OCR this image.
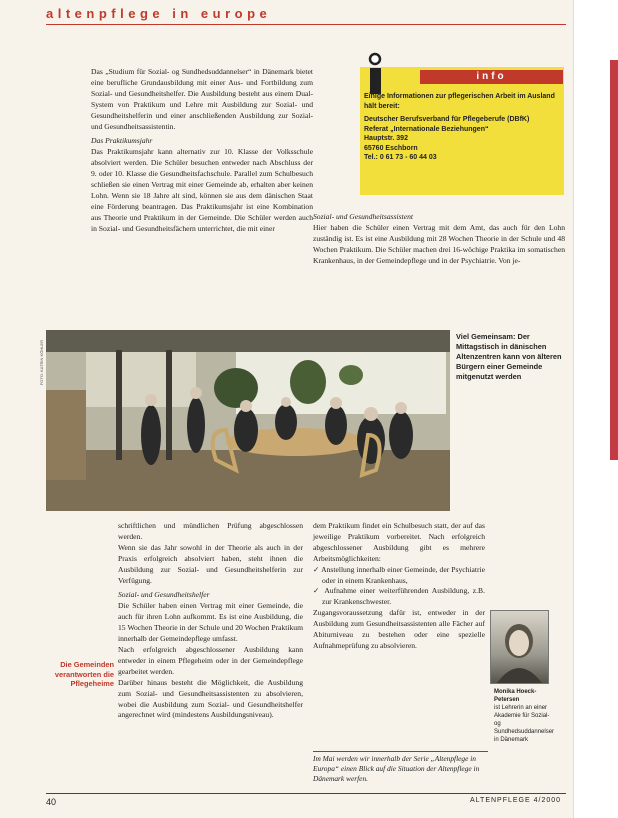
altenpflege in europe

Das „Studium für Sozial- og Sundhedsuddannelser“ in Dänemark bietet eine berufliche Grundausbildung mit einer Aus- und Fortbildung zum Sozial- und Gesundheitshelfer. Die Ausbildung besteht aus einem Dual-System von Praktikum und Lehre mit Ausbildung zur Sozial- und Gesundheitshelferin und einer anschließenden Ausbildung zur Sozial- und Gesundheitsassistentin.

Das Praktikumsjahr

Das Praktikumsjahr kann alternativ zur 10. Klasse der Volksschule absolviert werden. Die Schüler besuchen entweder nach Abschluss der 9. oder 10. Klasse die Gesundheitsfachschule. Parallel zum Schulbesuch schließen sie einen Vertrag mit einer Gemeinde ab, erhalten aber keinen Lohn. Wenn sie 18 Jahre alt sind, können sie aus dem dänischen Staat eine Förderung beantragen. Das Praktikumsjahr ist eine Kombination aus Theorie und Praktikum in der Gemeinde. Die Schüler werden auch in Sozial- und Gesundheitsfächern unterrichtet, die mit einer

info

Einige Informationen zur pflegerischen Arbeit im Ausland hält bereit:

Deutscher Berufsverband für Pflegeberufe (DBfK)
Referat „Internationale Beziehungen“
Hauptstr. 392
65760 Eschborn
Tel.: 0 61 73 - 60 44 03

Sozial- und Gesundheitsassistent

Hier haben die Schüler einen Vertrag mit dem Amt, das auch für den Lohn zuständig ist. Es ist eine Ausbildung mit 28 Wochen Theorie in der Schule und 48 Wochen Praktikum. Die Schüler machen drei 16-wöchige Praktika im somatischen Krankenhaus, in der Gemeindepflege und in der Psychiatrie. Von je-

FOTO: KATRIN KÖHLER
Viel Gemeinsam: Der Mittagstisch in dänischen Altenzentren kann von älteren Bürgern einer Gemeinde mitgenutzt werden

schriftlichen und mündlichen Prüfung abgeschlossen werden.

Wenn sie das Jahr sowohl in der Theorie als auch in der Praxis erfolgreich absolviert haben, steht ihnen die Ausbildung zur Sozial- und Gesundheitshelferin zur Verfügung.

Sozial- und Gesundheitshelfer

Die Schüler haben einen Vertrag mit einer Gemeinde, die auch für ihren Lohn aufkommt. Es ist eine Ausbildung, die 15 Wochen Theorie in der Schule und 20 Wochen Praktikum innerhalb der Gemeindepflege umfasst.

Nach erfolgreich abgeschlossener Ausbildung kann entweder in einem Pflegeheim oder in der Gemeindepflege gearbeitet werden.

Darüber hinaus besteht die Möglichkeit, die Ausbildung zum Sozial- und Gesundheitsassistenten zu absolvieren, wobei die Ausbildung zum Sozial- und Gesundheitshelfer angerechnet wird (mindestens Ausbildungsniveau).

Die Gemeinden verantworten die Pflegeheime

dem Praktikum findet ein Schulbesuch statt, der auf das jeweilige Praktikum vorbereitet. Nach erfolgreich abgeschlossener Ausbildung gibt es mehrere Arbeitsmöglichkeiten:

✓ Anstellung innerhalb einer Gemeinde, der Psychiatrie oder in einem Krankenhaus,
✓ Aufnahme einer weiterführenden Ausbildung, z.B. zur Krankenschwester.

Zugangsvoraussetzung dafür ist, entweder in der Ausbildung zum Gesundheitsassistenten alle Fächer auf Abiturniveau zu bestehen oder eine spezielle Aufnahmeprüfung zu absolvieren.

Monika Hoeck-Petersen
ist Lehrerin an einer Akademie für Sozial- og Sundhedsuddannelser in Dänemark
Im Mai werden wir innerhalb der Serie „Altenpflege in Europa“ einen Blick auf die Situation der Altenpflege in Dänemark werfen.
40	ALTENPFLEGE 4/2000
